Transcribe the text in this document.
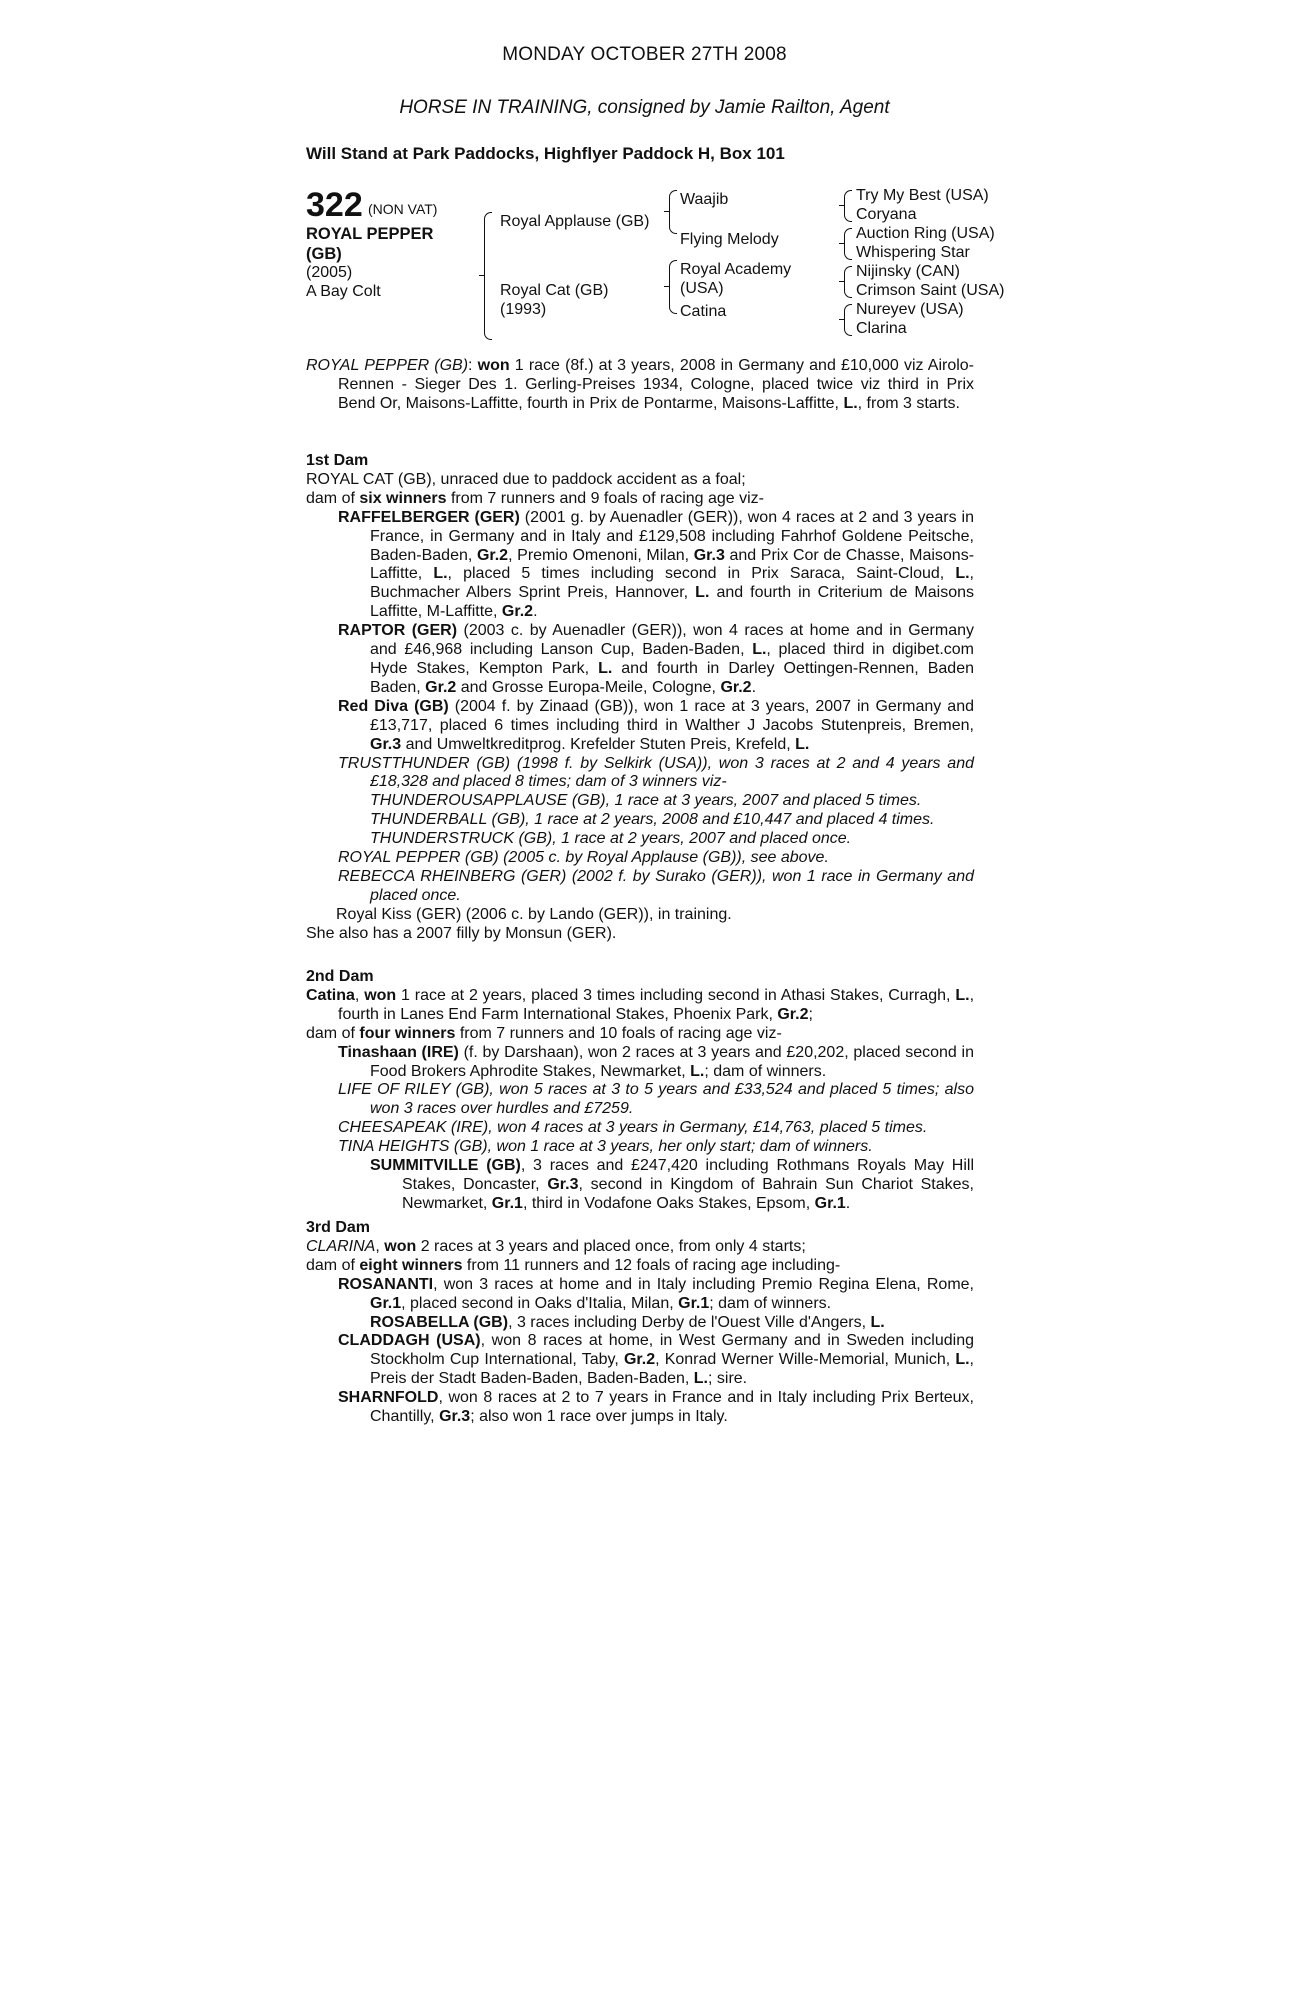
MONDAY OCTOBER 27TH 2008
HORSE IN TRAINING, consigned by Jamie Railton, Agent
Will Stand at Park Paddocks, Highflyer Paddock H, Box 101
322 (NON VAT)
ROYAL PEPPER (GB)
(2005)
A Bay Colt
Royal Applause (GB)
Royal Cat (GB)
(1993)
Waajib
Flying Melody
Royal Academy
(USA)
Catina
Try My Best (USA)
Coryana
Auction Ring (USA)
Whispering Star
Nijinsky (CAN)
Crimson Saint (USA)
Nureyev (USA)
Clarina

ROYAL PEPPER (GB): won 1 race (8f.) at 3 years, 2008 in Germany and £10,000 viz Airolo-Rennen - Sieger Des 1. Gerling-Preises 1934, Cologne, placed twice viz third in Prix Bend Or, Maisons-Laffitte, fourth in Prix de Pontarme, Maisons-Laffitte, L., from 3 starts.

1st Dam

ROYAL CAT (GB), unraced due to paddock accident as a foal;

dam of six winners from 7 runners and 9 foals of racing age viz-

RAFFELBERGER (GER) (2001 g. by Auenadler (GER)), won 4 races at 2 and 3 years in France, in Germany and in Italy and £129,508 including Fahrhof Goldene Peitsche, Baden-Baden, Gr.2, Premio Omenoni, Milan, Gr.3 and Prix Cor de Chasse, Maisons-Laffitte, L., placed 5 times including second in Prix Saraca, Saint-Cloud, L., Buchmacher Albers Sprint Preis, Hannover, L. and fourth in Criterium de Maisons Laffitte, M-Laffitte, Gr.2.

RAPTOR (GER) (2003 c. by Auenadler (GER)), won 4 races at home and in Germany and £46,968 including Lanson Cup, Baden-Baden, L., placed third in digibet.com Hyde Stakes, Kempton Park, L. and fourth in Darley Oettingen-Rennen, Baden Baden, Gr.2 and Grosse Europa-Meile, Cologne, Gr.2.

Red Diva (GB) (2004 f. by Zinaad (GB)), won 1 race at 3 years, 2007 in Germany and £13,717, placed 6 times including third in Walther J Jacobs Stutenpreis, Bremen, Gr.3 and Umweltkreditprog. Krefelder Stuten Preis, Krefeld, L.

TRUSTTHUNDER (GB) (1998 f. by Selkirk (USA)), won 3 races at 2 and 4 years and £18,328 and placed 8 times; dam of 3 winners viz-

THUNDEROUSAPPLAUSE (GB), 1 race at 3 years, 2007 and placed 5 times.

THUNDERBALL (GB), 1 race at 2 years, 2008 and £10,447 and placed 4 times.

THUNDERSTRUCK (GB), 1 race at 2 years, 2007 and placed once.

ROYAL PEPPER (GB) (2005 c. by Royal Applause (GB)), see above.

REBECCA RHEINBERG (GER) (2002 f. by Surako (GER)), won 1 race in Germany and placed once.

Royal Kiss (GER) (2006 c. by Lando (GER)), in training.

She also has a 2007 filly by Monsun (GER).

2nd Dam

Catina, won 1 race at 2 years, placed 3 times including second in Athasi Stakes, Curragh, L., fourth in Lanes End Farm International Stakes, Phoenix Park, Gr.2;

dam of four winners from 7 runners and 10 foals of racing age viz-

Tinashaan (IRE) (f. by Darshaan), won 2 races at 3 years and £20,202, placed second in Food Brokers Aphrodite Stakes, Newmarket, L.; dam of winners.

LIFE OF RILEY (GB), won 5 races at 3 to 5 years and £33,524 and placed 5 times; also won 3 races over hurdles and £7259.

CHEESAPEAK (IRE), won 4 races at 3 years in Germany, £14,763, placed 5 times.

TINA HEIGHTS (GB), won 1 race at 3 years, her only start; dam of winners.

SUMMITVILLE (GB), 3 races and £247,420 including Rothmans Royals May Hill Stakes, Doncaster, Gr.3, second in Kingdom of Bahrain Sun Chariot Stakes, Newmarket, Gr.1, third in Vodafone Oaks Stakes, Epsom, Gr.1.

3rd Dam

CLARINA, won 2 races at 3 years and placed once, from only 4 starts;

dam of eight winners from 11 runners and 12 foals of racing age including-

ROSANANTI, won 3 races at home and in Italy including Premio Regina Elena, Rome, Gr.1, placed second in Oaks d'Italia, Milan, Gr.1; dam of winners.

ROSABELLA (GB), 3 races including Derby de l'Ouest Ville d'Angers, L.

CLADDAGH (USA), won 8 races at home, in West Germany and in Sweden including Stockholm Cup International, Taby, Gr.2, Konrad Werner Wille-Memorial, Munich, L., Preis der Stadt Baden-Baden, Baden-Baden, L.; sire.

SHARNFOLD, won 8 races at 2 to 7 years in France and in Italy including Prix Berteux, Chantilly, Gr.3; also won 1 race over jumps in Italy.
